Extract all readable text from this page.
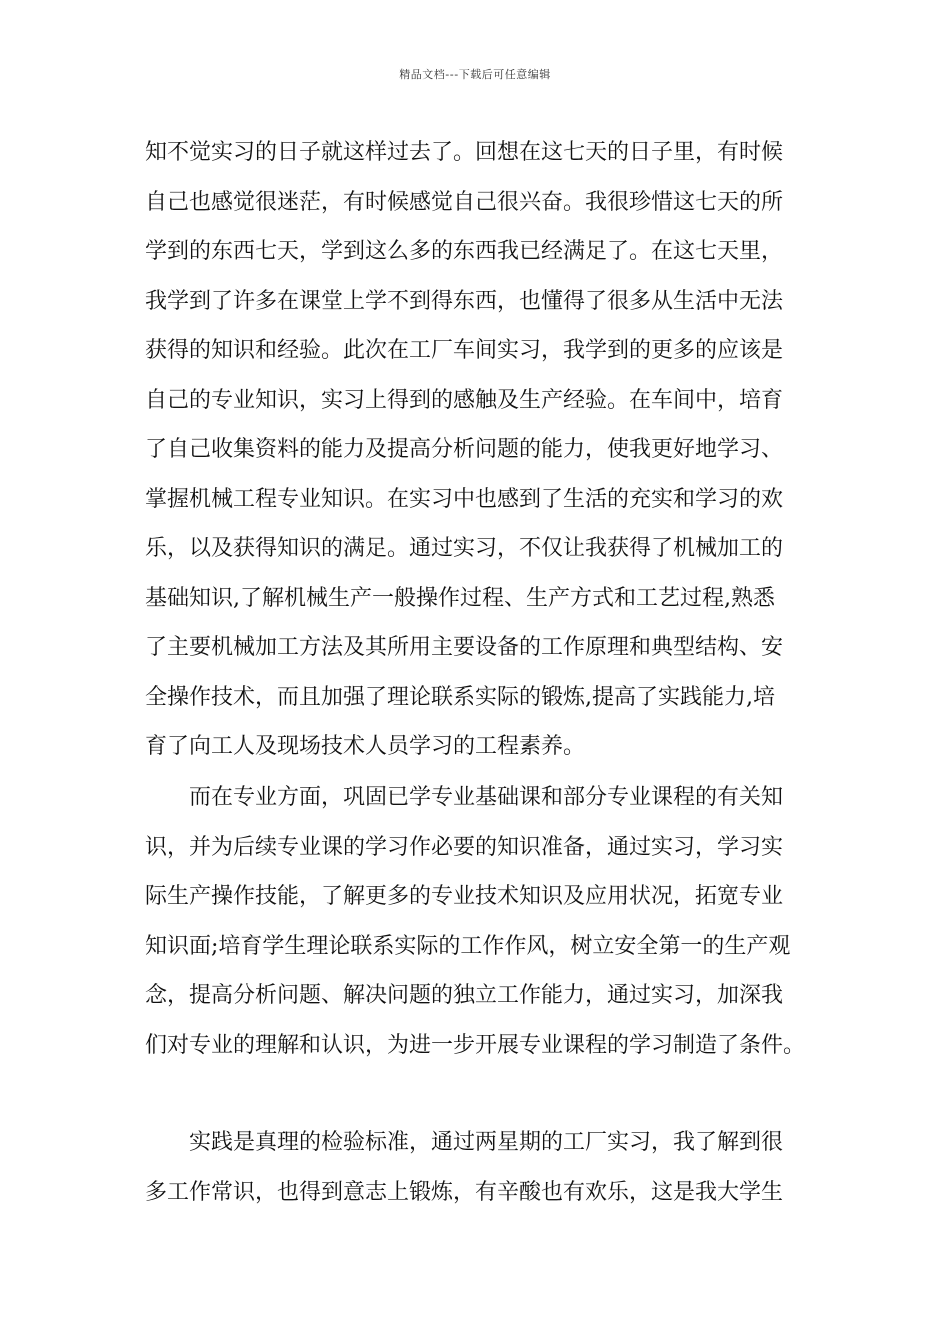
精品文档---下载后可任意编辑
知不觉实习的日子就这样过去了。回想在这七天的日子里，有时候
自己也感觉很迷茫，有时候感觉自己很兴奋。我很珍惜这七天的所
学到的东西七天，学到这么多的东西我已经满足了。在这七天里，
我学到了许多在课堂上学不到得东西，也懂得了很多从生活中无法
获得的知识和经验。此次在工厂车间实习，我学到的更多的应该是
自己的专业知识，实习上得到的感触及生产经验。在车间中，培育
了自己收集资料的能力及提高分析问题的能力，使我更好地学习、
掌握机械工程专业知识。在实习中也感到了生活的充实和学习的欢
乐，以及获得知识的满足。通过实习，不仅让我获得了机械加工的
基础知识,了解机械生产一般操作过程、生产方式和工艺过程,熟悉
了主要机械加工方法及其所用主要设备的工作原理和典型结构、安
全操作技术，而且加强了理论联系实际的锻炼,提高了实践能力,培
育了向工人及现场技术人员学习的工程素养。
　　而在专业方面，巩固已学专业基础课和部分专业课程的有关知
识，并为后续专业课的学习作必要的知识准备，通过实习，学习实
际生产操作技能，了解更多的专业技术知识及应用状况，拓宽专业
知识面;培育学生理论联系实际的工作作风，树立安全第一的生产观
念，提高分析问题、解决问题的独立工作能力，通过实习，加深我
们对专业的理解和认识，为进一步开展专业课程的学习制造了条件。
　　实践是真理的检验标准，通过两星期的工厂实习，我了解到很
多工作常识，也得到意志上锻炼，有辛酸也有欢乐，这是我大学生
